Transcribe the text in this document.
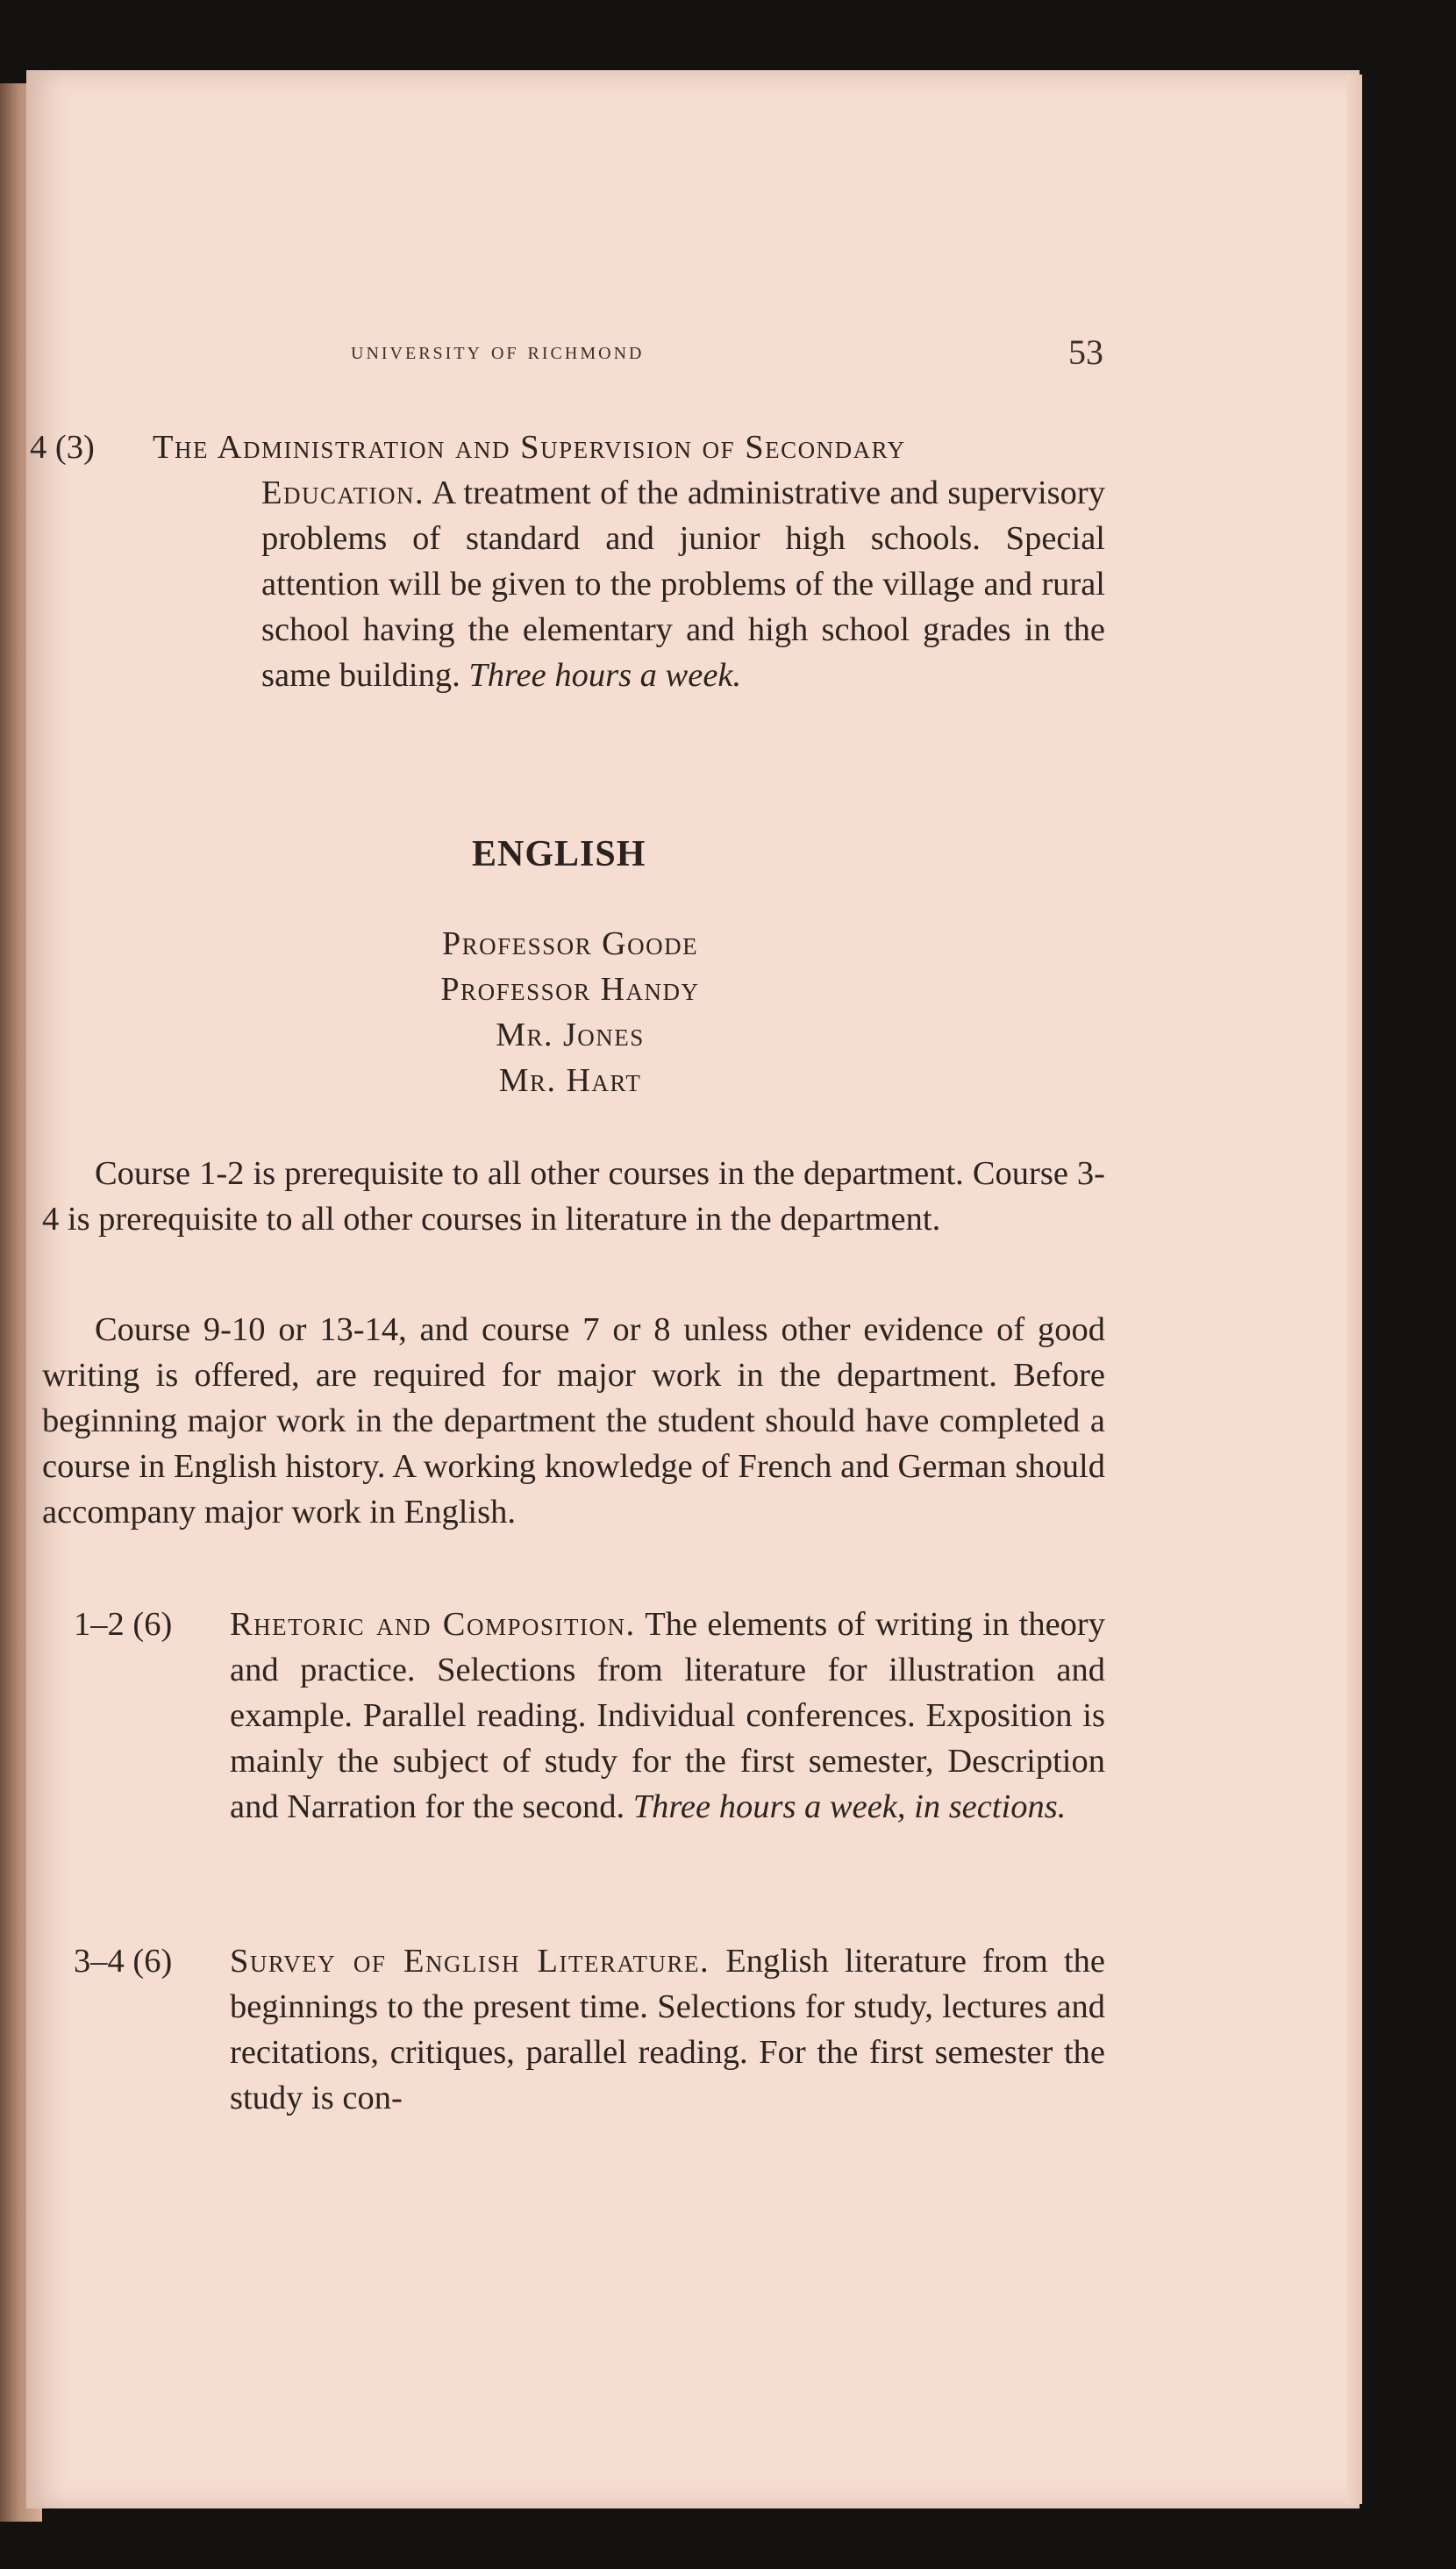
university of richmond	53
4 (3) The Administration and Supervision of Secondary
Education. A treatment of the administrative and supervisory problems of standard and junior high schools. Special attention will be given to the problems of the village and rural school having the elementary and high school grades in the same building. Three hours a week.
ENGLISH
Professor Goode
Professor Handy
Mr. Jones
Mr. Hart
Course 1-2 is prerequisite to all other courses in the department. Course 3-4 is prerequisite to all other courses in literature in the department.
Course 9-10 or 13-14, and course 7 or 8 unless other evidence of good writing is offered, are required for major work in the department. Before beginning major work in the department the student should have completed a course in English history. A working knowledge of French and German should accompany major work in English.
1–2 (6) Rhetoric and Composition. The elements of writing in theory and practice. Selections from literature for illustration and example. Parallel reading. Individual conferences. Exposition is mainly the subject of study for the first semester, Description and Narration for the second. Three hours a week, in sections.
3–4 (6) Survey of English Literature. English literature from the beginnings to the present time. Selections for study, lectures and recitations, critiques, parallel reading. For the first semester the study is con-
